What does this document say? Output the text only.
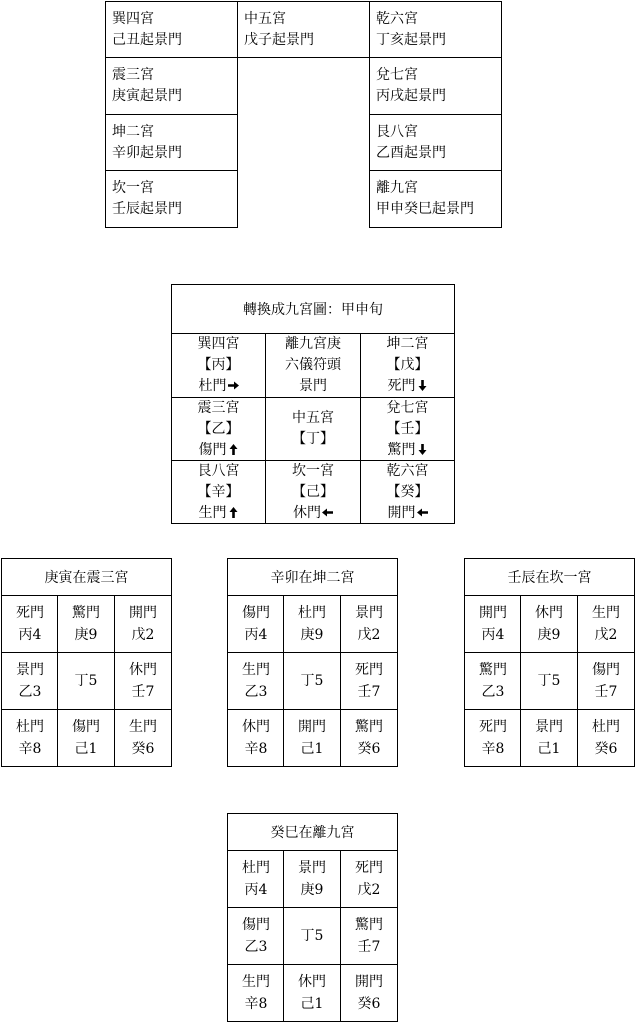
巽四宮
己丑起景門
中五宮
戊子起景門
乾六宮
丁亥起景門
震三宮
庚寅起景門
兌七宮
丙戌起景門
坤二宮
辛卯起景門
艮八宮
乙酉起景門
坎一宮
壬辰起景門
離九宮
甲申癸巳起景門
轉換成九宮圖：甲申旬
巽四宮
【丙】
杜門
離九宮庚
六儀符頭
景門
坤二宮
【戊】
死門
震三宮
【乙】
傷門
中五宮
【丁】
兌七宮
【壬】
驚門
艮八宮
【辛】
生門
坎一宮
【己】
休門
乾六宮
【癸】
開門
庚寅在震三宮	辛卯在坤二宮	壬辰在坎一宮
癸巳在離九宮
死門
丙4
驚門
庚9
開門
戊2
景門
乙3
丁5
休門
壬7
杜門
辛8
傷門
己1
生門
癸6
傷門
丙4
杜門
庚9
景門
戊2
生門
乙3
丁5
死門
壬7
休門
辛8
開門
己1
驚門
癸6
開門
丙4
休門
庚9
生門
戊2
驚門
乙3
丁5
傷門
壬7
死門
辛8
景門
己1
杜門
癸6
杜門
丙4
景門
庚9
死門
戊2
傷門
乙3
丁5
驚門
壬7
生門
辛8
休門
己1
開門
癸6
